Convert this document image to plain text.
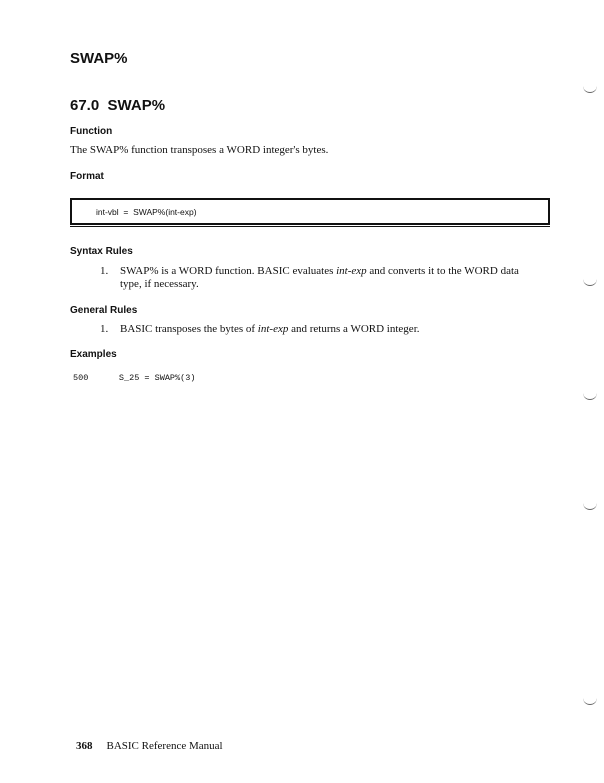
SWAP%
67.0 SWAP%
Function
The SWAP% function transposes a WORD integer's bytes.
Format
int-vbl  =  SWAP%(int-exp)
Syntax Rules
1. SWAP% is a WORD function. BASIC evaluates int-exp and converts it to the WORD data
type, if necessary.
General Rules
1. BASIC transposes the bytes of int-exp and returns a WORD integer.
Examples
500	S_25 = SWAP%(3)
368 BASIC Reference Manual
